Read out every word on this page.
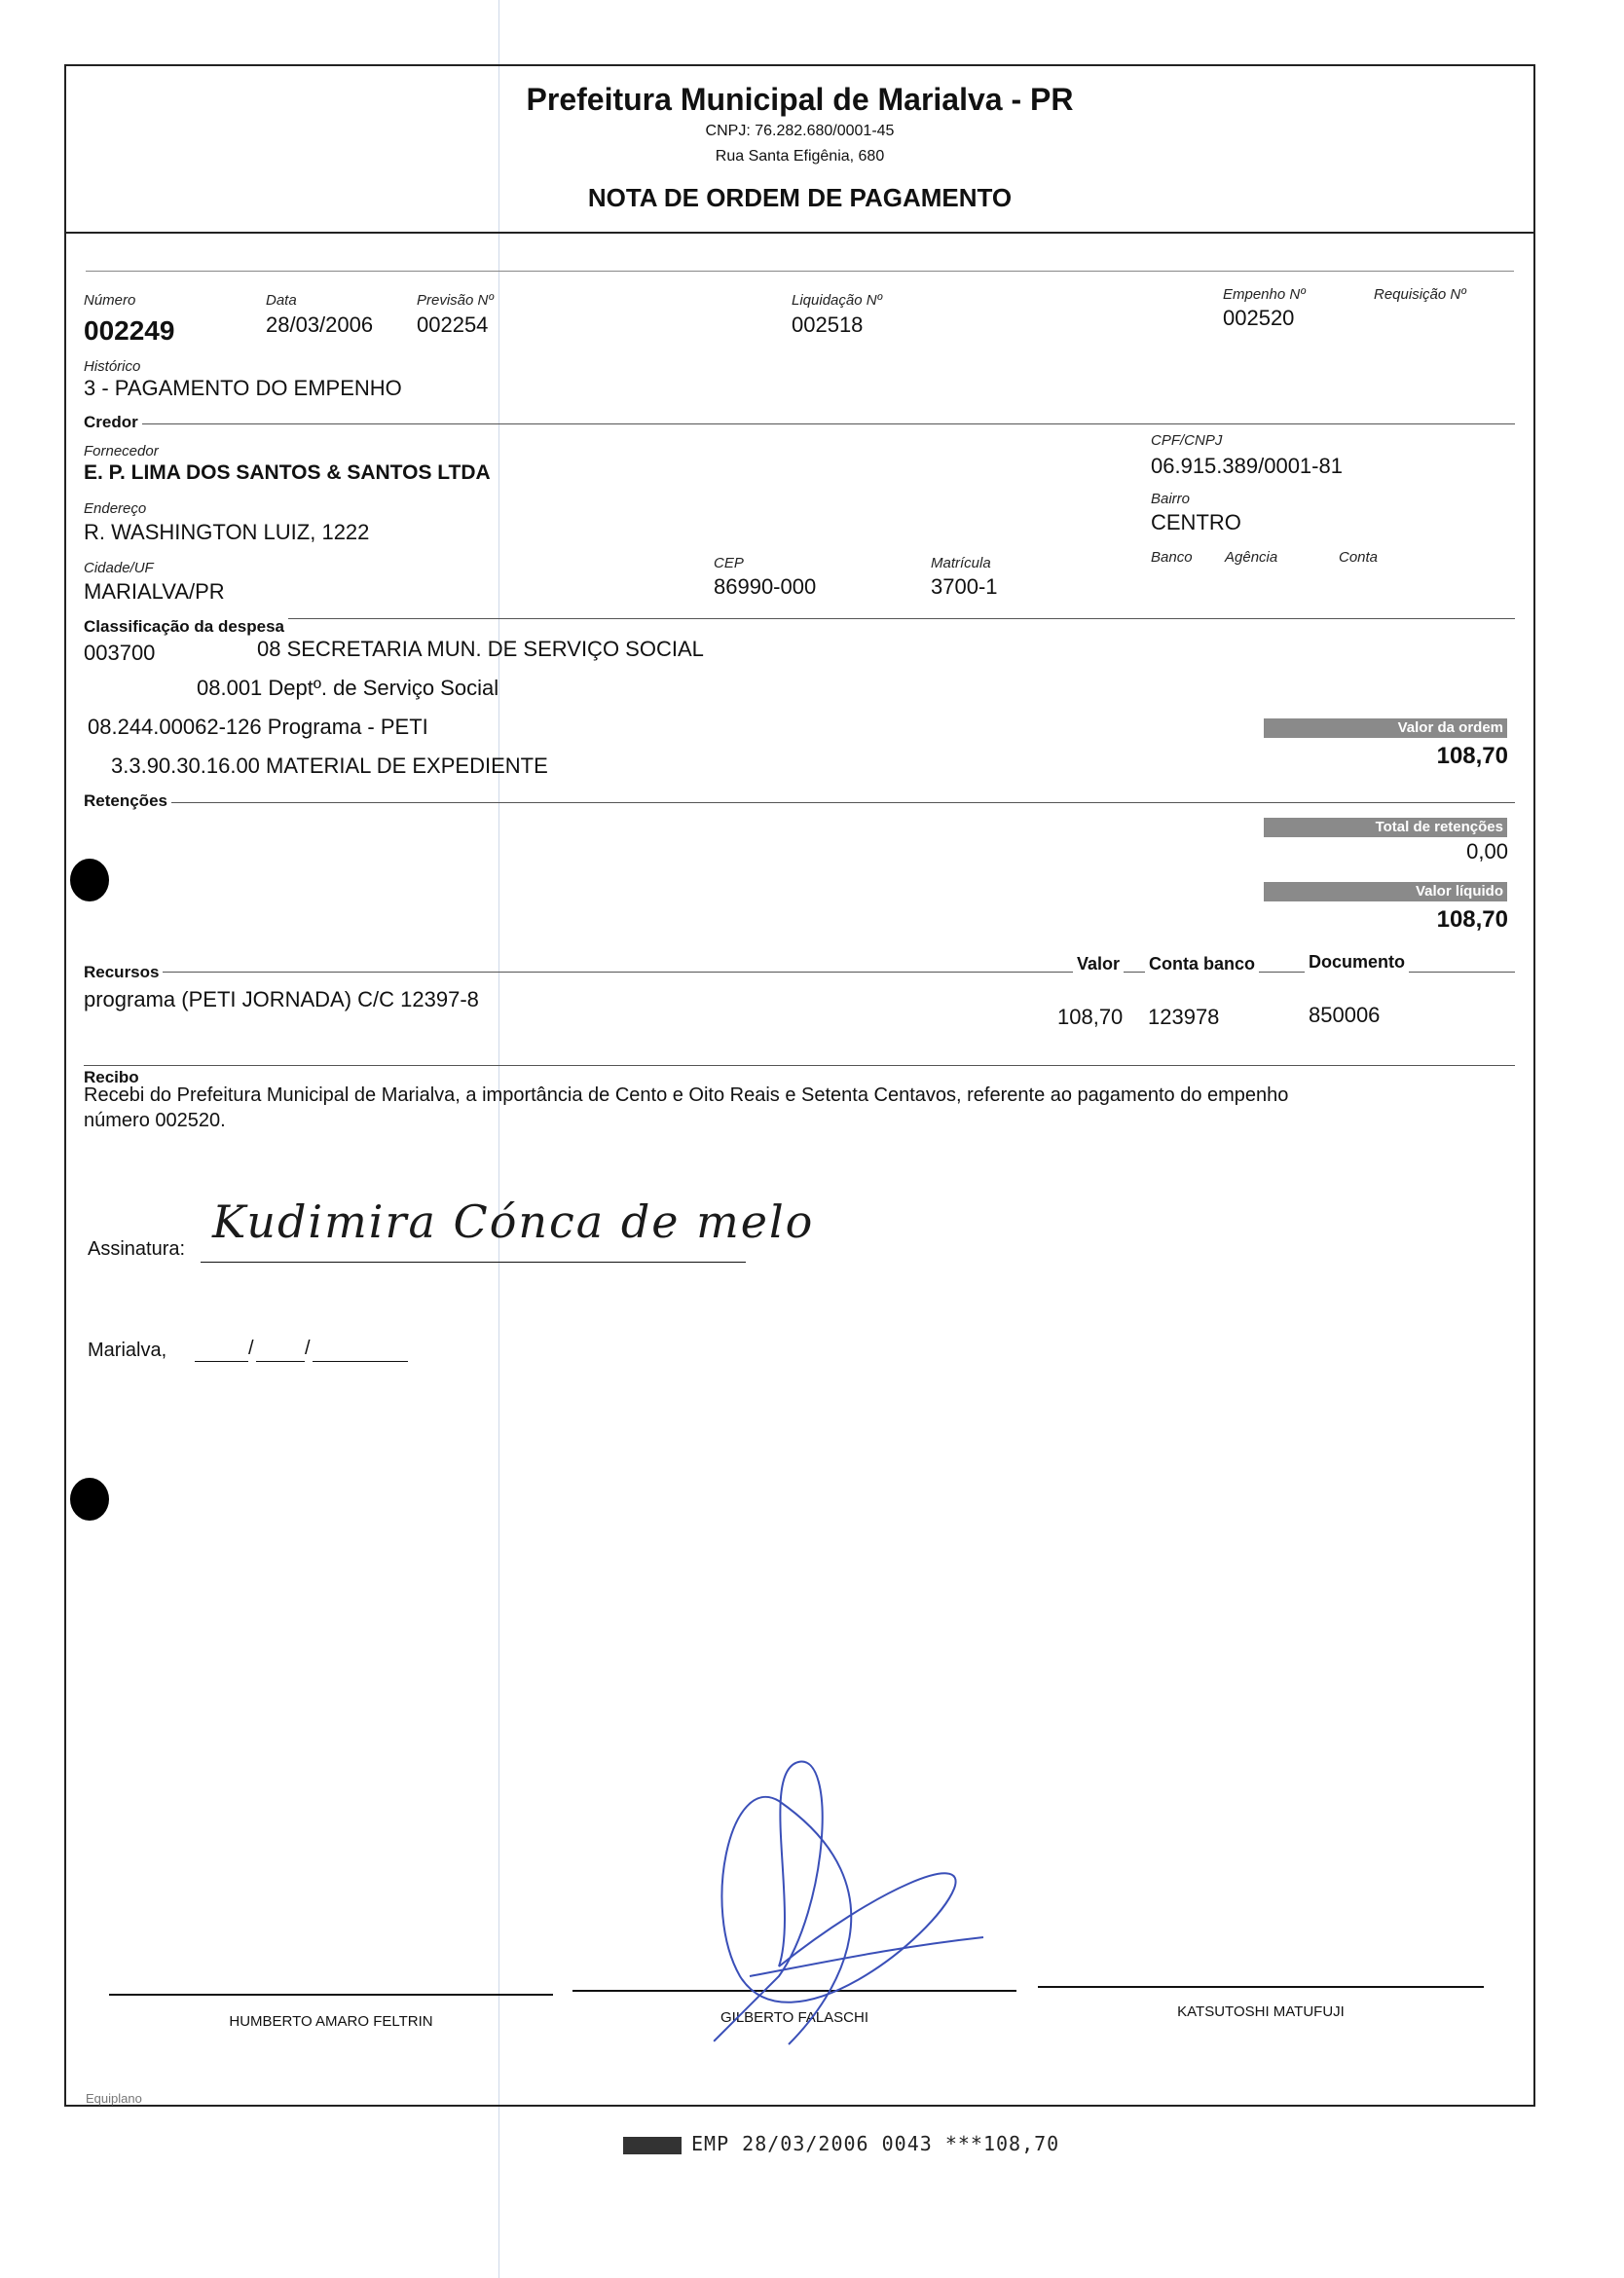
Prefeitura Municipal de Marialva - PR
CNPJ: 76.282.680/0001-45
Rua Santa Efigênia, 680
NOTA DE ORDEM DE PAGAMENTO
Número
002249
Data
28/03/2006
Previsão Nº
002254
Liquidação Nº
002518
Empenho Nº
002520
Requisição Nº
Histórico
3 - PAGAMENTO DO EMPENHO
Credor
Fornecedor
E. P. LIMA DOS SANTOS & SANTOS LTDA
CPF/CNPJ
06.915.389/0001-81
Endereço
R. WASHINGTON LUIZ, 1222
Bairro
CENTRO
Cidade/UF
MARIALVA/PR
CEP
86990-000
Matrícula
3700-1
Banco Agência	Conta
Classificação da despesa
003700	08 SECRETARIA MUN. DE SERVIÇO SOCIAL
08.001 Deptº. de Serviço Social
08.244.00062-126 Programa - PETI
3.3.90.30.16.00 MATERIAL DE EXPEDIENTE
Valor da ordem
108,70
Retenções
Total de retenções
0,00
Valor líquido
108,70
Recursos	Valor Conta banco	Documento
programa (PETI JORNADA) C/C 12397-8
108,70 123978	850006
Recibo
Recebi do Prefeitura Municipal de Marialva, a importância de Cento e Oito Reais e Setenta Centavos, referente ao pagamento do empenho
número 002520.
Assinatura:
Kudimira Cónca de melo
Marialva,	/	/
HUMBERTO AMARO FELTRIN	GILBERTO FALASCHI	KATSUTOSHI MATUFUJI
Equiplano
EMP 28/03/2006 0043 ***108,70
